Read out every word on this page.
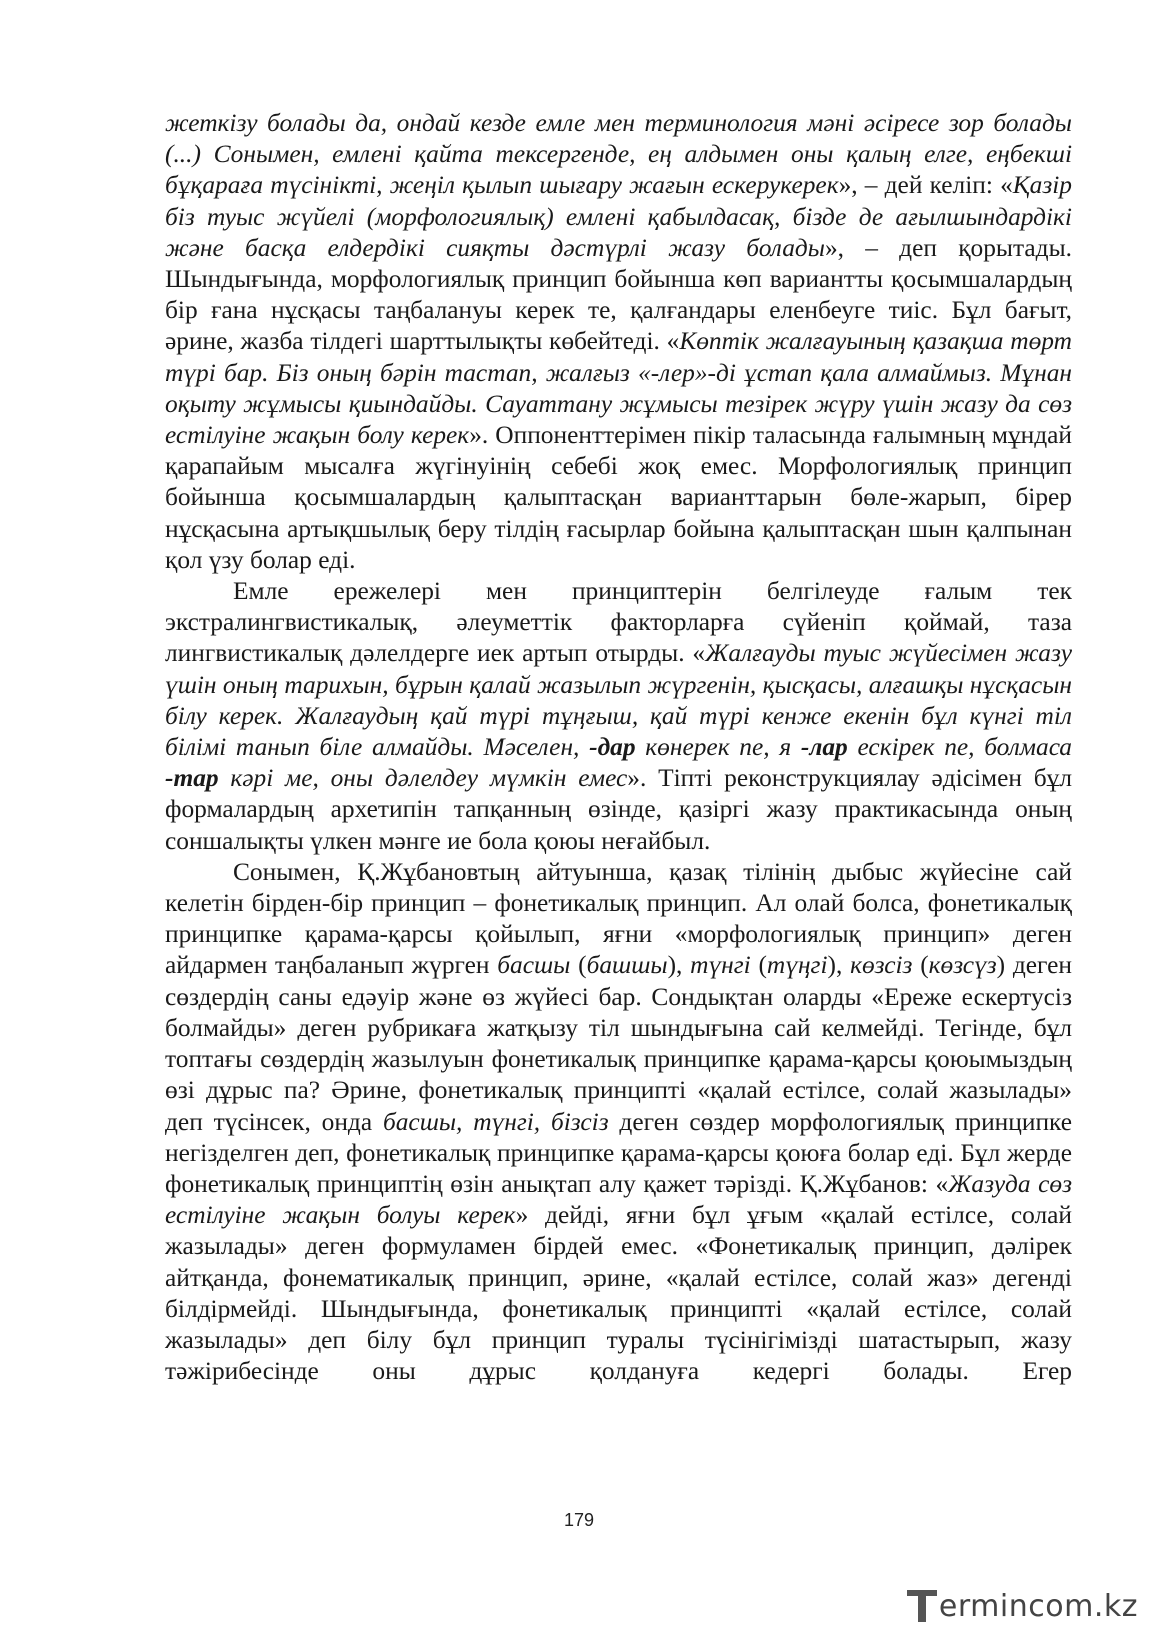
жеткізу болады да, ондай кезде емле мен терминология мәні әсіресе зор болады (...) Сонымен, емлені қайта тексергенде, ең алдымен оны қалың елге, еңбекші бұқараға түсінікті, жеңіл қылып шығару жағын ескерукерек», – дей келіп: «Қазір біз туыс жүйелі (морфологиялық) емлені қабылдасақ, бізде де ағылшындардікі және басқа елдердікі сияқты дәстүрлі жазу болады», – деп қорытады. Шындығында, морфологиялық принцип бойынша көп вариантты қосымшалардың бір ғана нұсқасы таңбалануы керек те, қалғандары еленбеуге тиіс. Бұл бағыт, әрине, жазба тілдегі шарттылықты көбейтеді. «Көптік жалғауының қазақша төрт түрі бар. Біз оның бәрін тастап, жалғыз «-лер»-ді ұстап қала алмаймыз. Мұнан оқыту жұмысы қиындайды. Сауаттану жұмысы тезірек жүру үшін жазу да сөз естілуіне жақын болу керек». Оппоненттерімен пікір таласында ғалымның мұндай қарапайым мысалға жүгінуінің себебі жоқ емес. Морфологиялық принцип бойынша қосымшалардың қалыптасқан варианттарын бөле-жарып, бірер нұсқасына артықшылық беру тілдің ғасырлар бойына қалыптасқан шын қалпынан қол үзу болар еді.

Емле ережелері мен принциптерін белгілеуде ғалым тек экстралингвистикалық, әлеуметтік факторларға сүйеніп қоймай, таза лингвистикалық дәлелдерге иек артып отырды. «Жалғауды туыс жүйесімен жазу үшін оның тарихын, бұрын қалай жазылып жүргенін, қысқасы, алғашқы нұсқасын білу керек. Жалғаудың қай түрі тұңғыш, қай түрі кенже екенін бұл күнгі тіл білімі танып біле алмайды. Мәселен, -дар көнерек пе, я -лар ескірек пе, болмаса -тар кәрі ме, оны дәлелдеу мүмкін емес». Тіпті реконструкциялау әдісімен бұл формалардың архетипін тапқанның өзінде, қазіргі жазу практикасында оның соншалықты үлкен мәнге ие бола қоюы неғайбыл.

Сонымен, Қ.Жұбановтың айтуынша, қазақ тілінің дыбыс жүйесіне сай келетін бірден-бір принцип – фонетикалық принцип. Ал олай болса, фонетикалық принципке қарама-қарсы қойылып, яғни «морфологиялық принцип» деген айдармен таңбаланып жүрген басшы (башшы), түнгі (түңгі), көзсіз (көзсүз) деген сөздердің саны едәуір және өз жүйесі бар. Сондықтан оларды «Ереже ескертусіз болмайды» деген рубрикаға жатқызу тіл шындығына сай келмейді. Тегінде, бұл топтағы сөздердің жазылуын фонетикалық принципке қарама-қарсы қоюымыздың өзі дұрыс па? Әрине, фонетикалық принципті «қалай естілсе, солай жазылады» деп түсінсек, онда басшы, түнгі, бізсіз деген сөздер морфологиялық принципке негізделген деп, фонетикалық принципке қарама-қарсы қоюға болар еді. Бұл жерде фонетикалық принциптің өзін анықтап алу қажет тәрізді. Қ.Жұбанов: «Жазуда сөз естілуіне жақын болуы керек» дейді, яғни бұл ұғым «қалай естілсе, солай жазылады» деген формуламен бірдей емес. «Фонетикалық принцип, дәлірек айтқанда, фонематикалық принцип, әрине, «қалай естілсе, солай жаз» дегенді білдірмейді. Шындығында, фонетикалық принципті «қалай естілсе, солай жазылады» деп білу бұл принцип туралы түсінігімізді шатастырып, жазу тәжірибесінде оны дұрыс қолдануға кедергі болады. Егер

179
ermincom.kz
